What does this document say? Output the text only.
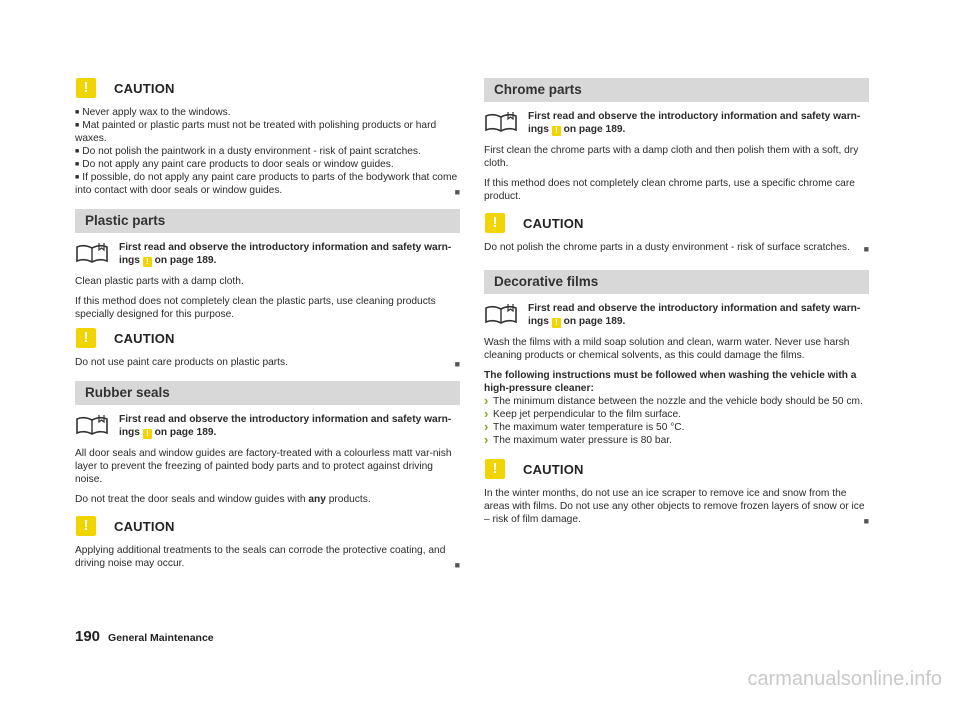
!	CAUTION
■ Never apply wax to the windows.
■ Mat painted or plastic parts must not be treated with polishing products or hard waxes.
■ Do not polish the paintwork in a dusty environment - risk of paint scratches.
■ Do not apply any paint care products to door seals or window guides.
■ If possible, do not apply any paint care products to parts of the bodywork that come into contact with door seals or window guides.	■
Plastic parts
First read and observe the introductory information and safety warn-ings ! on page 189.

Clean plastic parts with a damp cloth.

If this method does not completely clean the plastic parts, use cleaning products specially designed for this purpose.

!	CAUTION

Do not use paint care products on plastic parts.	■

Rubber seals
First read and observe the introductory information and safety warn-ings ! on page 189.

All door seals and window guides are factory-treated with a colourless matt var-nish layer to prevent the freezing of painted body parts and to protect against driving noise.

Do not treat the door seals and window guides with any products.

!	CAUTION

Applying additional treatments to the seals can corrode the protective coating, and driving noise may occur.	■

Chrome parts
First read and observe the introductory information and safety warn-ings ! on page 189.

First clean the chrome parts with a damp cloth and then polish them with a soft, dry cloth.

If this method does not completely clean chrome parts, use a specific chrome care product.

!	CAUTION

Do not polish the chrome parts in a dusty environment - risk of surface scratches. ■

Decorative films
First read and observe the introductory information and safety warn-ings ! on page 189.

Wash the films with a mild soap solution and clean, warm water. Never use harsh cleaning products or chemical solvents, as this could damage the films.

The following instructions must be followed when washing the vehicle with a high-pressure cleaner:

› The minimum distance between the nozzle and the vehicle body should be 50 cm.
› Keep jet perpendicular to the film surface.
› The maximum water temperature is 50 °C.
› The maximum water pressure is 80 bar.
!	CAUTION

In the winter months, do not use an ice scraper to remove ice and snow from the areas with films. Do not use any other objects to remove frozen layers of snow or ice – risk of film damage.	■

190 General Maintenance
carmanualsonline.info
